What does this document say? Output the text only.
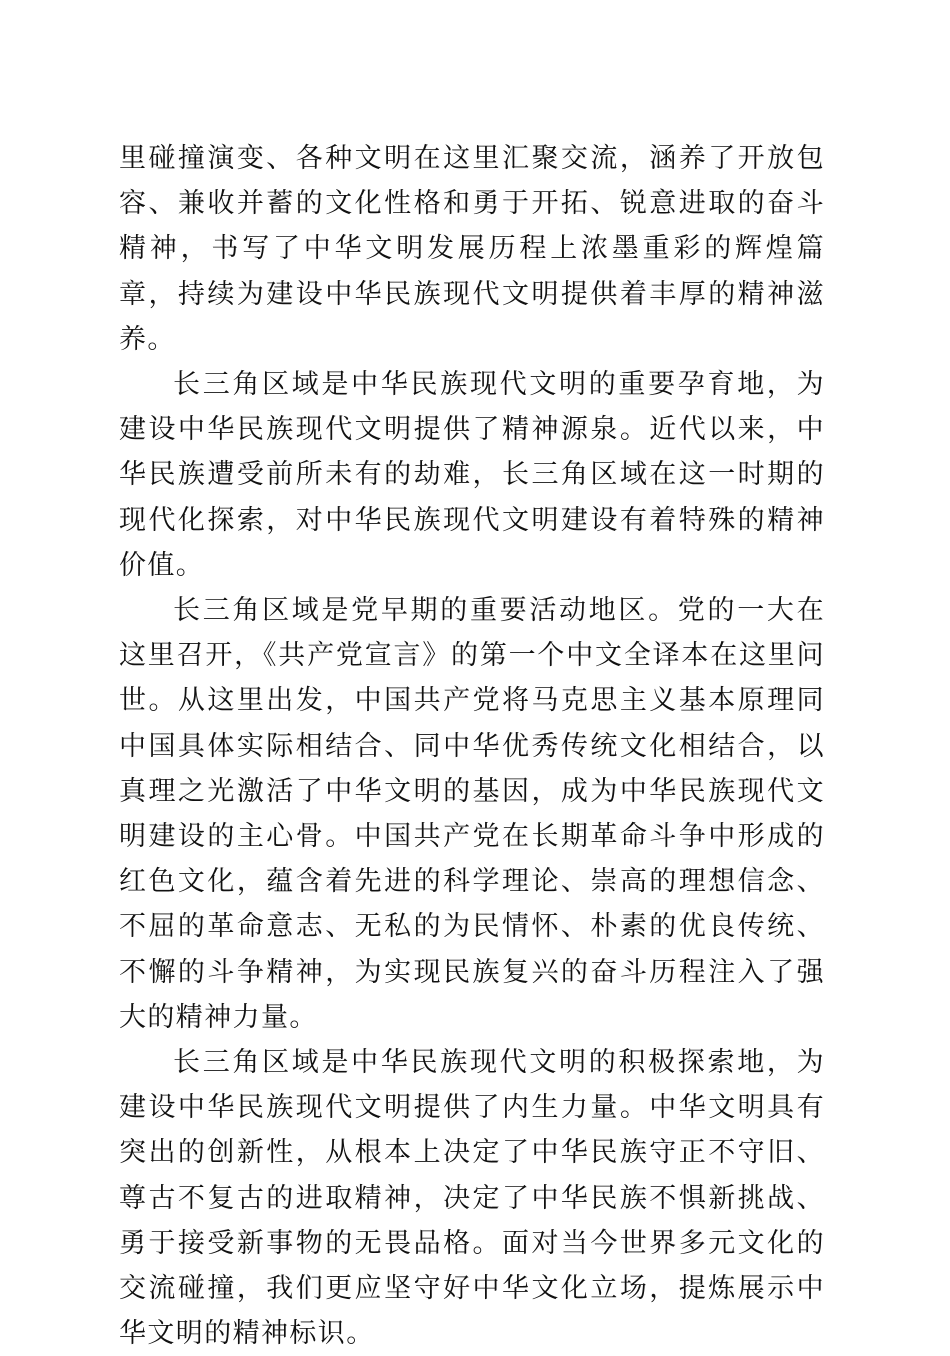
里碰撞演变、各种文明在这里汇聚交流，涵养了开放包容、兼收并蓄的文化性格和勇于开拓、锐意进取的奋斗精神，书写了中华文明发展历程上浓墨重彩的辉煌篇章，持续为建设中华民族现代文明提供着丰厚的精神滋养。

长三角区域是中华民族现代文明的重要孕育地，为建设中华民族现代文明提供了精神源泉。近代以来，中华民族遭受前所未有的劫难，长三角区域在这一时期的现代化探索，对中华民族现代文明建设有着特殊的精神价值。

长三角区域是党早期的重要活动地区。党的一大在这里召开，《共产党宣言》的第一个中文全译本在这里问世。从这里出发，中国共产党将马克思主义基本原理同中国具体实际相结合、同中华优秀传统文化相结合，以真理之光激活了中华文明的基因，成为中华民族现代文明建设的主心骨。中国共产党在长期革命斗争中形成的红色文化，蕴含着先进的科学理论、崇高的理想信念、不屈的革命意志、无私的为民情怀、朴素的优良传统、不懈的斗争精神，为实现民族复兴的奋斗历程注入了强大的精神力量。

长三角区域是中华民族现代文明的积极探索地，为建设中华民族现代文明提供了内生力量。中华文明具有突出的创新性，从根本上决定了中华民族守正不守旧、尊古不复古的进取精神，决定了中华民族不惧新挑战、勇于接受新事物的无畏品格。面对当今世界多元文化的交流碰撞，我们更应坚守好中华文化立场，提炼展示中华文明的精神标识。
